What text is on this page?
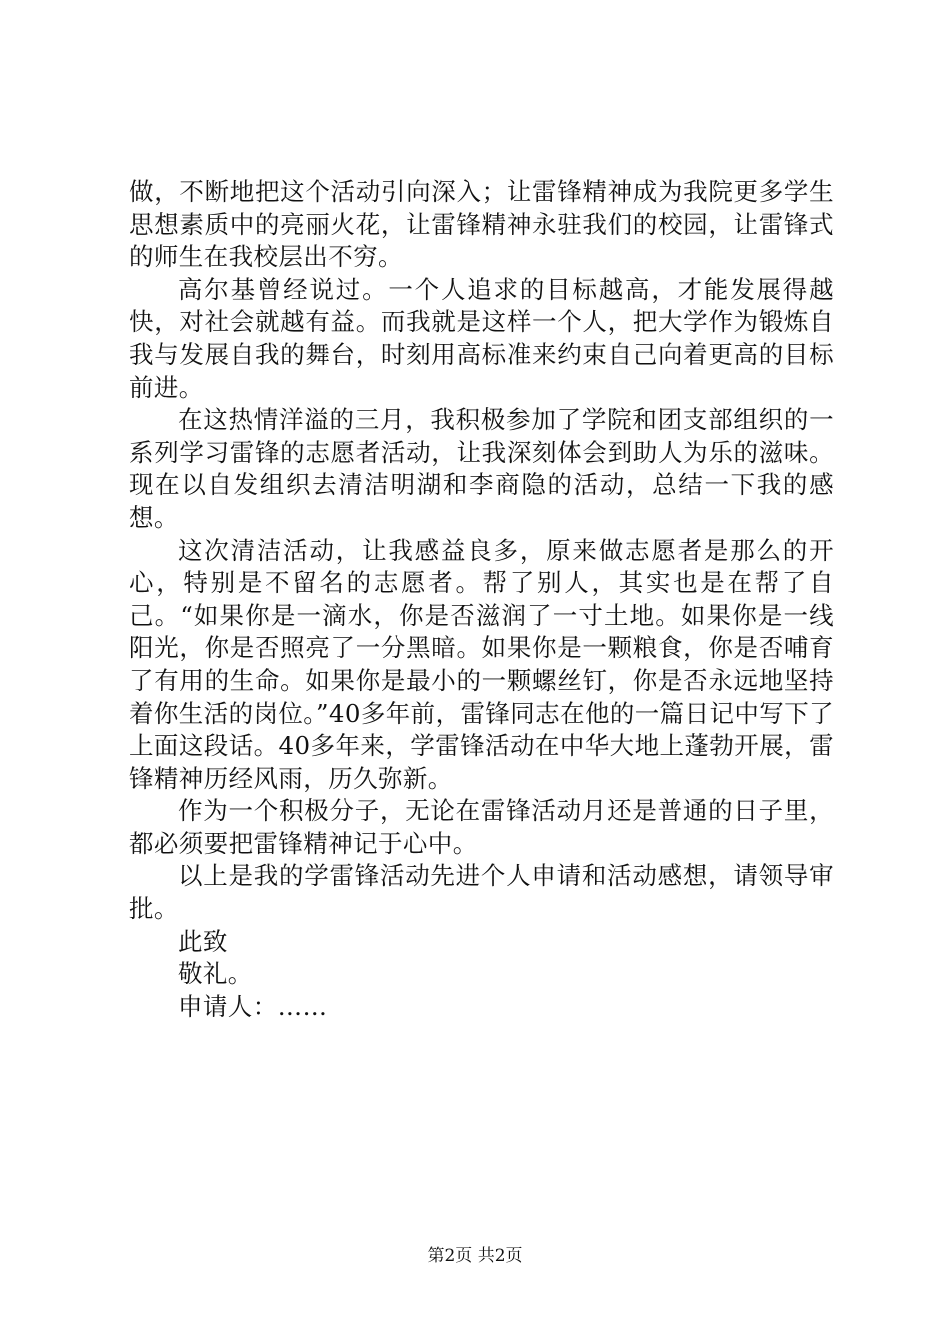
做，不断地把这个活动引向深入；让雷锋精神成为我院更多学生思想素质中的亮丽火花，让雷锋精神永驻我们的校园，让雷锋式的师生在我校层出不穷。

高尔基曾经说过。一个人追求的目标越高，才能发展得越快，对社会就越有益。而我就是这样一个人，把大学作为锻炼自我与发展自我的舞台，时刻用高标准来约束自己向着更高的目标前进。

在这热情洋溢的三月，我积极参加了学院和团支部组织的一系列学习雷锋的志愿者活动，让我深刻体会到助人为乐的滋味。现在以自发组织去清洁明湖和李商隐的活动，总结一下我的感想。

这次清洁活动，让我感益良多，原来做志愿者是那么的开心，特别是不留名的志愿者。帮了别人，其实也是在帮了自己。“如果你是一滴水，你是否滋润了一寸土地。如果你是一线阳光，你是否照亮了一分黑暗。如果你是一颗粮食，你是否哺育了有用的生命。如果你是最小的一颗螺丝钉，你是否永远地坚持着你生活的岗位。”40多年前，雷锋同志在他的一篇日记中写下了上面这段话。40多年来，学雷锋活动在中华大地上蓬勃开展，雷锋精神历经风雨，历久弥新。

作为一个积极分子，无论在雷锋活动月还是普通的日子里，都必须要把雷锋精神记于心中。

以上是我的学雷锋活动先进个人申请和活动感想，请领导审批。

此致

敬礼。

申请人：……

第2页 共2页
